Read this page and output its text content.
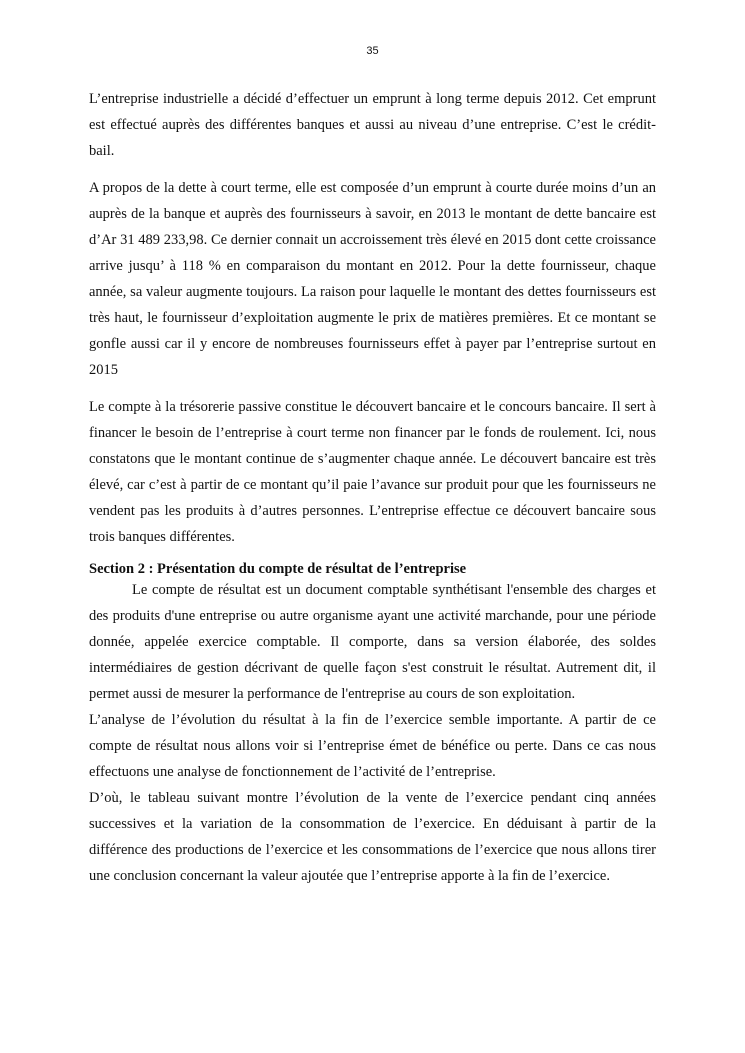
35

L’entreprise industrielle a décidé d’effectuer un emprunt à long terme depuis 2012. Cet emprunt est effectué auprès des différentes banques et aussi au niveau d’une entreprise. C’est le crédit-bail.

A propos de la dette à court terme, elle est composée d’un emprunt à courte durée moins d’un an auprès de la banque et auprès des fournisseurs à savoir, en 2013 le montant de dette bancaire est d’Ar 31 489 233,98. Ce dernier connait un accroissement très élevé en 2015 dont cette croissance arrive jusqu’ à 118 % en comparaison du montant en 2012. Pour la dette fournisseur, chaque année, sa valeur augmente toujours. La raison pour laquelle le montant des dettes fournisseurs est très haut, le fournisseur d’exploitation augmente le prix de matières premières. Et ce montant se gonfle aussi car il y encore de nombreuses fournisseurs effet à payer par l’entreprise surtout en 2015

Le compte à la trésorerie passive constitue le découvert bancaire et le concours bancaire. Il sert à financer le besoin de l’entreprise à court terme non financer par le fonds de roulement. Ici, nous constatons que le montant continue de s’augmenter chaque année. Le découvert bancaire est très élevé, car c’est à partir de ce montant qu’il paie l’avance sur produit pour que les fournisseurs ne vendent pas les produits à d’autres personnes. L’entreprise effectue ce découvert bancaire sous trois banques différentes.

Section 2 : Présentation du compte de résultat de l’entreprise

Le compte de résultat est un document comptable synthétisant l'ensemble des charges et des produits d'une entreprise ou autre organisme ayant une activité marchande, pour une période donnée, appelée exercice comptable. Il comporte, dans sa version élaborée, des soldes intermédiaires de gestion décrivant de quelle façon s'est construit le résultat. Autrement dit, il permet aussi de mesurer la performance de l'entreprise au cours de son exploitation.

L’analyse de l’évolution du résultat à la fin de l’exercice semble importante. A partir de ce compte de résultat nous allons voir si l’entreprise émet de bénéfice ou perte. Dans ce cas nous effectuons une analyse de fonctionnement de l’activité de l’entreprise.

D’où, le tableau suivant montre l’évolution de la vente de l’exercice pendant cinq années successives et la variation de la consommation de l’exercice. En déduisant à partir de la différence des productions de l’exercice et les consommations de l’exercice que nous allons tirer une conclusion concernant la valeur ajoutée que l’entreprise apporte à la fin de l’exercice.
